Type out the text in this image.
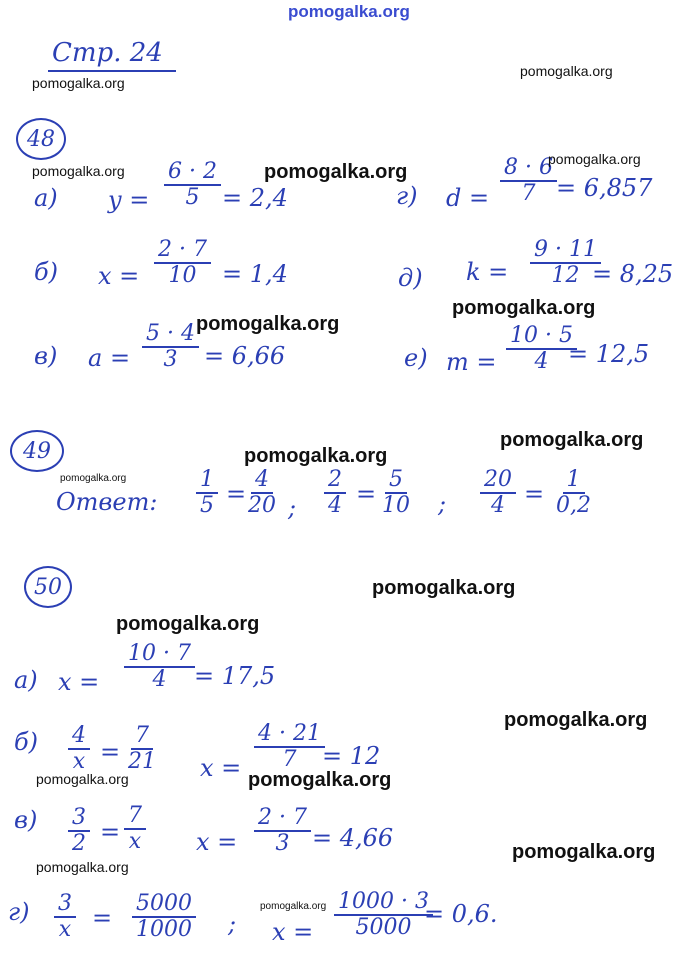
pomogalka.org
Стр. 24
48
а) $y = \frac{6 \cdot 2}{5} = 2,4$
б) $x = \frac{2 \cdot 7}{10} = 1,4$
в) $a = \frac{5 \cdot 4}{3} = 6,66$
г) $d = \frac{8 \cdot 6}{7} = 6,857$
д) $k = \frac{9 \cdot 11}{12}$
= 8,25
е) $m = \frac{10 \cdot 5}{4}$
= 12,5
49
Ответ: $\frac{1}{5}$ =
$\frac{4}{20}$ ; $\frac{2}{4} = \frac{5}{10}$ ; $\frac{20}{4} = \frac{1}{0,2}$
50
а) $x = \frac{10 \cdot 7}{4} = 17,5$
$б) \frac{4}{x} = \frac{7}{21}$ $x = \frac{4 \cdot 21}{7}$
= 12
$в) \frac{3}{2} = \frac{7}{x}$ $x = \frac{2 \cdot 7}{3} = 4,66$
$г) \frac{3}{x} = \frac{5000}{1000}$ ; $x = \frac{1000 \cdot 3}{5000}$
= 0,6.
pomogalka.org
pomogalka.org
pomogalka.org	pomogalka.org
pomogalka.org
pomogalka.org
pomogalka.org
pomogalka.org
pomogalka.org
pomogalka.org
pomogalka.org
pomogalka.org
pomogalka.org
pomogalka.org	pomogalka.org
pomogalka.org
pomogalka.org
pomogalka.org
